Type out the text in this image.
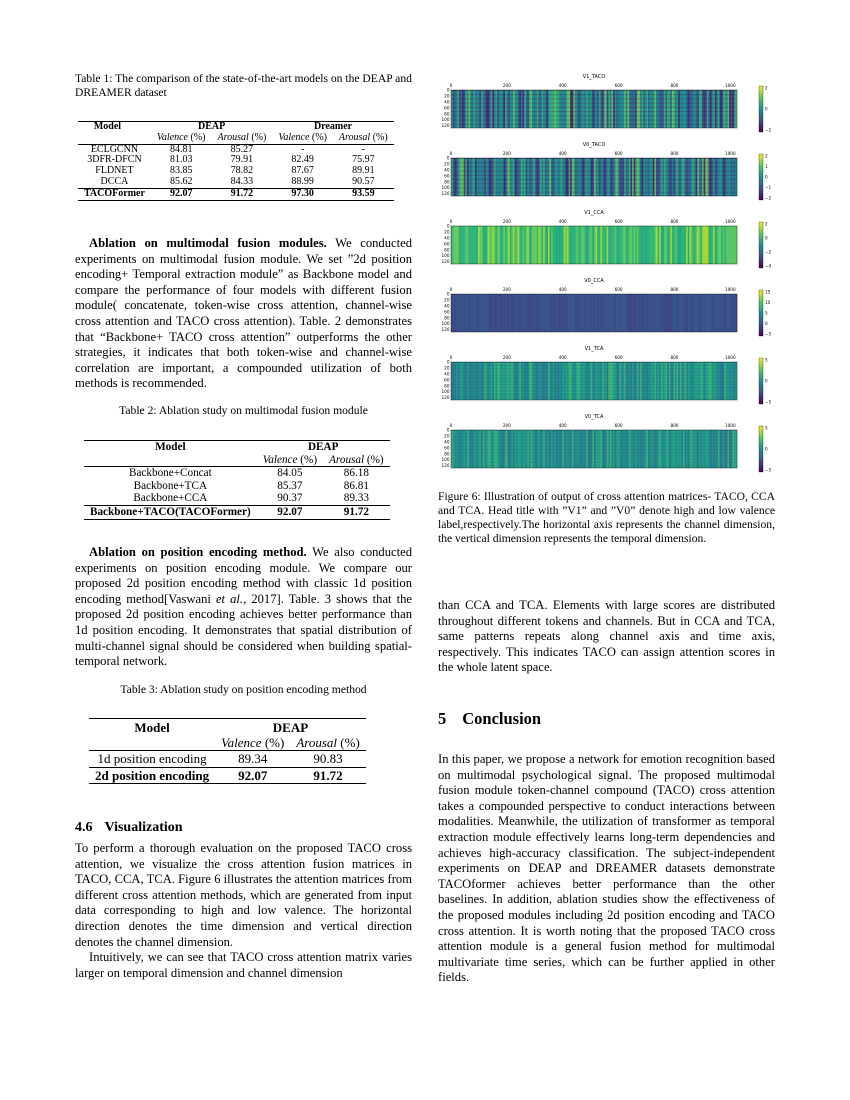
Table 1: The comparison of the state-of-the-art models on the DEAP and DREAMER dataset
Model	DEAP		Dreamer	
	Valence (%)	Arousal (%)	Valence (%)	Arousal (%)
ECLGCNN	84.81	85.27	-	-
3DFR-DFCN	81.03	79.91	82.49	75.97
FLDNET	83.85	78.82	87.67	89.91
DCCA	85.62	84.33	88.99	90.57
TACOFormer	92.07	91.72	97.30	93.59
Ablation on multimodal fusion modules. We conducted experiments on multimodal fusion module. We set ”2d position encoding+ Temporal extraction module” as Backbone model and compare the performance of four models with different fusion module( concatenate, token-wise cross attention, channel-wise cross attention and TACO cross attention). Table. 2 demonstrates that “Backbone+ TACO cross attention” outperforms the other strategies, it indicates that both token-wise and channel-wise correlation are important, a compounded utilization of both methods is recommended.
Table 2: Ablation study on multimodal fusion module
Model	DEAP	
	Valence (%)	Arousal (%)
Backbone+Concat	84.05	86.18
Backbone+TCA	85.37	86.81
Backbone+CCA	90.37	89.33
Backbone+TACO(TACOFormer)	92.07	91.72
Ablation on position encoding method. We also conducted experiments on position encoding module. We compare our proposed 2d position encoding method with classic 1d position encoding method[Vaswani et al., 2017]. Table. 3 shows that the proposed 2d position encoding achieves better performance than 1d position encoding. It demonstrates that spatial distribution of multi-channel signal should be considered when building spatial-temporal network.
Table 3: Ablation study on position encoding method
Model	DEAP	
	Valence (%)	Arousal (%)
1d position encoding	89.34	90.83
2d position encoding	92.07	91.72
4.6 Visualization
To perform a thorough evaluation on the proposed TACO cross attention, we visualize the cross attention fusion matrices in TACO, CCA, TCA. Figure 6 illustrates the attention matrices from different cross attention methods, which are generated from input data corresponding to high and low valence. The horizontal direction denotes the time dimension and vertical direction denotes the channel dimension.
Intuitively, we can see that TACO cross attention matrix varies larger on temporal dimension and channel dimension
V1_TACO
0	200	400	600	800	1000
0
20
40
60
80
100
120
2
0
−2
V0_TACO
0	200	400	600	800	1000
0
20
40
60
80
100
120
2
1
0
−1
−2
V1_CCA
0	200	400	600	800	1000
0
20
40
60
80
100
120
2
0
−2
−4
V0_CCA
0	200	400	600	800	1000
0
20
40
60
80
100
120
15
10
5
0
−5
V1_TCA
0	200	400	600	800	1000
0
20
40
60
80
100
120
5
0
−5
V0_TCA
0	200	400	600	800	1000
0
20
40
60
80
100
120
5
0
−5
Figure 6: Illustration of output of cross attention matrices- TACO, CCA and TCA. Head title with ”V1” and ”V0” denote high and low valence label,respectively.The horizontal axis represents the channel dimension, the vertical dimension represents the temporal dimension.
than CCA and TCA. Elements with large scores are distributed throughout different tokens and channels. But in CCA and TCA, same patterns repeats along channel axis and time axis, respectively. This indicates TACO can assign attention scores in the whole latent space.
5 Conclusion
In this paper, we propose a network for emotion recognition based on multimodal psychological signal. The proposed multimodal fusion module token-channel compound (TACO) cross attention takes a compounded perspective to conduct interactions between modalities. Meanwhile, the utilization of transformer as temporal extraction module effectively learns long-term dependencies and achieves high-accuracy classification. The subject-independent experiments on DEAP and DREAMER datasets demonstrate TACOformer achieves better performance than the other baselines. In addition, ablation studies show the effectiveness of the proposed modules including 2d position encoding and TACO cross attention. It is worth noting that the proposed TACO cross attention module is a general fusion method for multimodal multivariate time series, which can be further applied in other fields.
